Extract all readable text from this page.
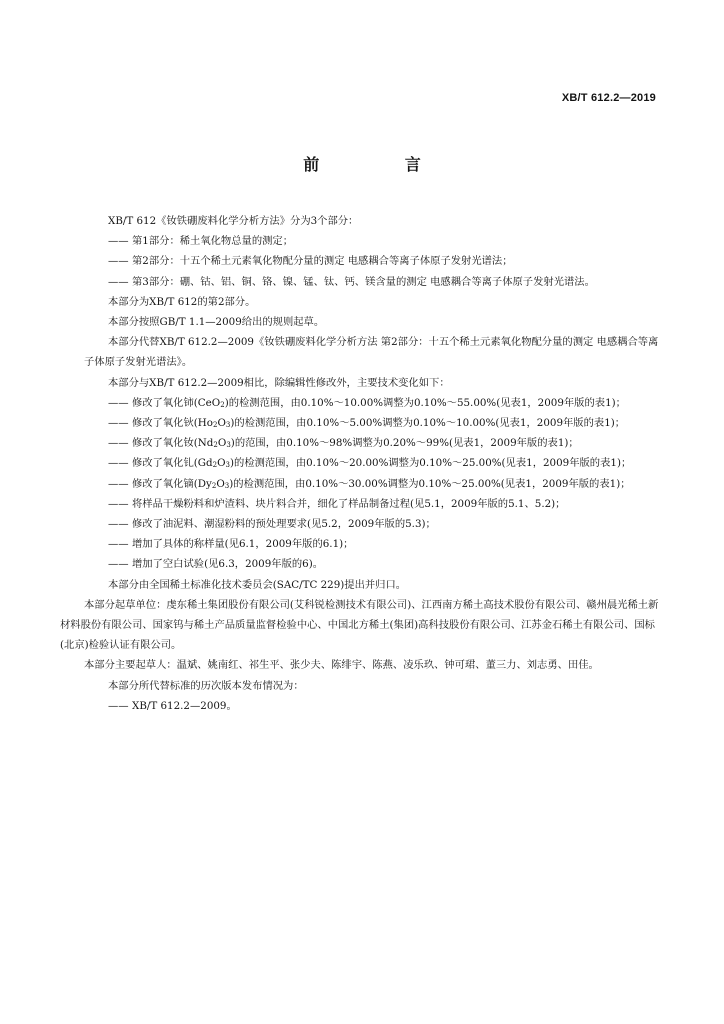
XB/T 612.2—2019
前 言

XB/T 612《钕铁硼废料化学分析方法》分为3个部分：

—— 第1部分：稀土氧化物总量的测定；

—— 第2部分：十五个稀土元素氧化物配分量的测定 电感耦合等离子体原子发射光谱法；

—— 第3部分：硼、钴、铝、铜、铬、镍、锰、钛、钙、镁含量的测定 电感耦合等离子体原子发射光谱法。

本部分为XB/T 612的第2部分。

本部分按照GB/T 1.1—2009给出的规则起草。

本部分代替XB/T 612.2—2009《钕铁硼废料化学分析方法 第2部分：十五个稀土元素氧化物配分量的测定 电感耦合等离子体原子发射光谱法》。

本部分与XB/T 612.2—2009相比，除编辑性修改外，主要技术变化如下：

—— 修改了氧化铈(CeO$_2$)的检测范围，由0.10%～10.00%调整为0.10%～55.00%(见表1，2009年版的表1)；

—— 修改了氧化钬$(Ho_2O_3)$的检测范围，由0.10%～5.00%调整为0.10%～10.00%(见表1，2009年版的表1)；

—— 修改了氧化钕$(Nd_2O_3)$的范围，由0.10%～98%调整为0.20%～99%(见表1，2009年版的表1)；

—— 修改了氧化钆$(Gd_2O_3)$的检测范围，由0.10%～20.00%调整为0.10%～25.00%(见表1，2009年版的表1)；

—— 修改了氧化镝$(Dy_2O_3)$的检测范围，由0.10%～30.00%调整为0.10%～25.00%(见表1，2009年版的表1)；

—— 将样品干燥粉料和炉渣料、块片料合并，细化了样品制备过程(见5.1，2009年版的5.1、5.2)；

—— 修改了油泥料、潮湿粉料的预处理要求(见5.2，2009年版的5.3)；

—— 增加了具体的称样量(见6.1，2009年版的6.1)；

—— 增加了空白试验(见6.3，2009年版的6)。

本部分由全国稀土标准化技术委员会(SAC/TC 229)提出并归口。

本部分起草单位：虔东稀土集团股份有限公司(艾科锐检测技术有限公司)、江西南方稀土高技术股份有限公司、赣州晨光稀土新材料股份有限公司、国家钨与稀土产品质量监督检验中心、中国北方稀土(集团)高科技股份有限公司、江苏金石稀土有限公司、国标(北京)检验认证有限公司。

本部分主要起草人：温斌、姚南红、祁生平、张少夫、陈绯宇、陈燕、凌乐玖、钟可珺、董三力、刘志勇、田佳。

本部分所代替标准的历次版本发布情况为：

—— XB/T 612.2—2009。
